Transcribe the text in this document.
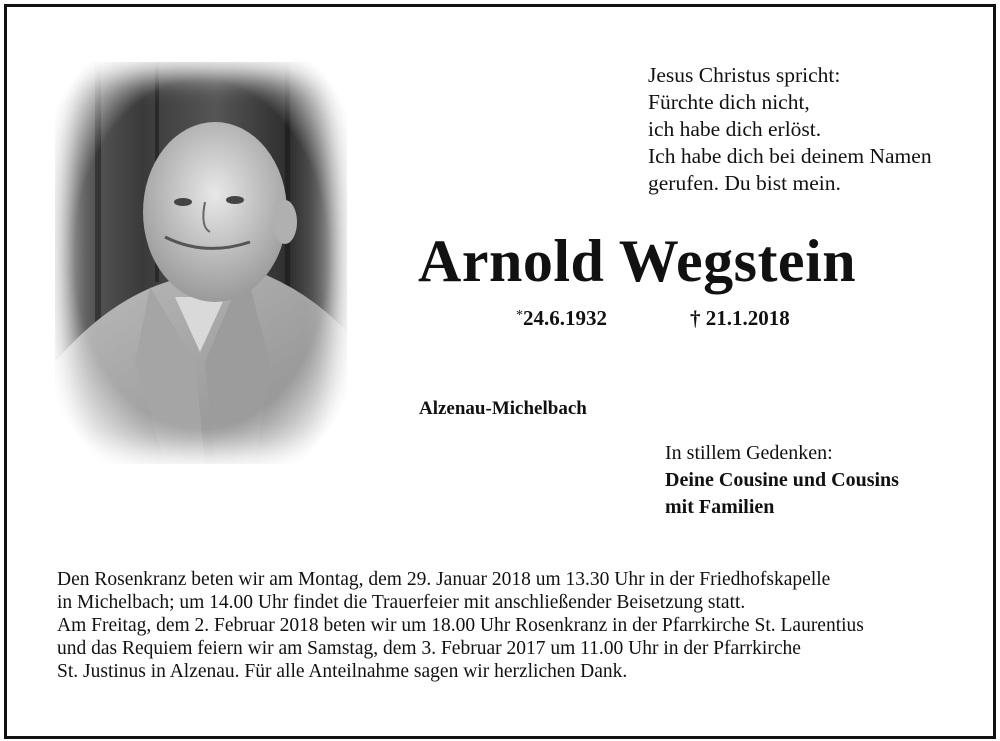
Jesus Christus spricht:
Fürchte dich nicht,
ich habe dich erlöst.
Ich habe dich bei deinem Namen
gerufen. Du bist mein.
Arnold Wegstein
*24.6.1932	† 21.1.2018
Alzenau-Michelbach
In stillem Gedenken:
Deine Cousine und Cousins
mit Familien
Den Rosenkranz beten wir am Montag, dem 29. Januar 2018 um 13.30 Uhr in der Friedhofskapelle
in Michelbach; um 14.00 Uhr findet die Trauerfeier mit anschließender Beisetzung statt.
Am Freitag, dem 2. Februar 2018 beten wir um 18.00 Uhr Rosenkranz in der Pfarrkirche St. Laurentius
und das Requiem feiern wir am Samstag, dem 3. Februar 2017 um 11.00 Uhr in der Pfarrkirche
St. Justinus in Alzenau. Für alle Anteilnahme sagen wir herzlichen Dank.
